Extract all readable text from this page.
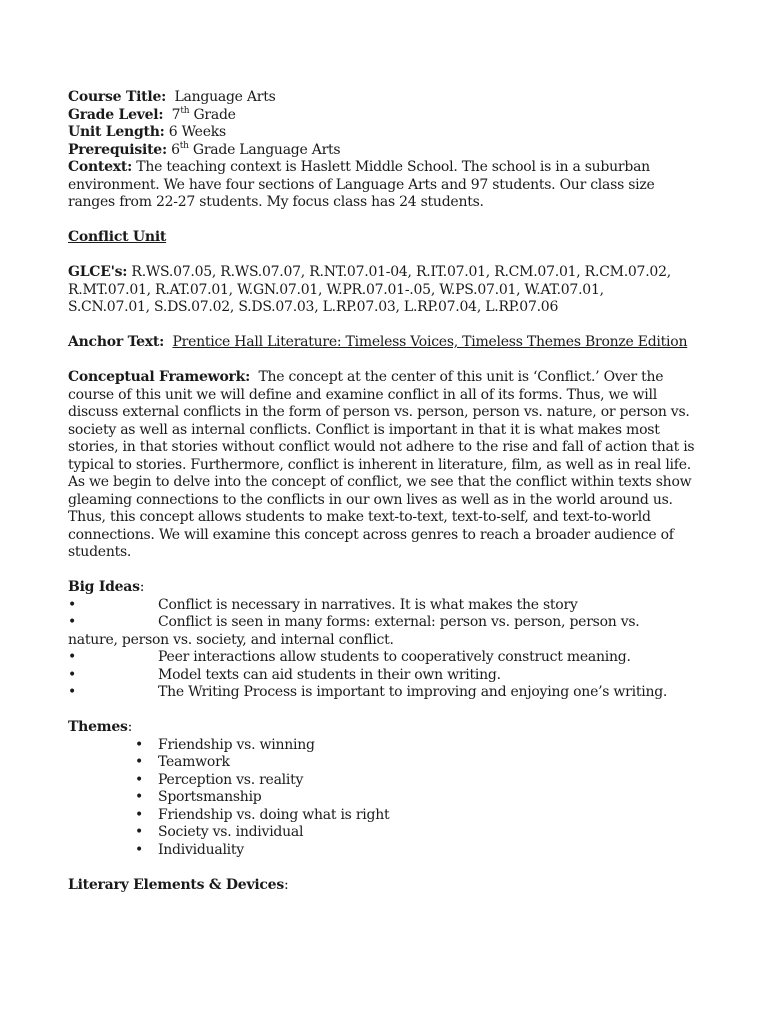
Course Title: Language Arts
Grade Level: 7th Grade
Unit Length: 6 Weeks
Prerequisite: 6th Grade Language Arts
Context: The teaching context is Haslett Middle School. The school is in a suburban
environment. We have four sections of Language Arts and 97 students. Our class size
ranges from 22-27 students. My focus class has 24 students.
Conflict Unit
GLCE's: R.WS.07.05, R.WS.07.07, R.NT.07.01-04, R.IT.07.01, R.CM.07.01, R.CM.07.02,
R.MT.07.01, R.AT.07.01, W.GN.07.01, W.PR.07.01-.05, W.PS.07.01, W.AT.07.01,
S.CN.07.01, S.DS.07.02, S.DS.07.03, L.RP.07.03, L.RP.07.04, L.RP.07.06
Anchor Text: Prentice Hall Literature: Timeless Voices, Timeless Themes Bronze Edition
Conceptual Framework: The concept at the center of this unit is ‘Conflict.’ Over the
course of this unit we will define and examine conflict in all of its forms. Thus, we will
discuss external conflicts in the form of person vs. person, person vs. nature, or person vs.
society as well as internal conflicts. Conflict is important in that it is what makes most
stories, in that stories without conflict would not adhere to the rise and fall of action that is
typical to stories. Furthermore, conflict is inherent in literature, film, as well as in real life.
As we begin to delve into the concept of conflict, we see that the conflict within texts show
gleaming connections to the conflicts in our own lives as well as in the world around us.
Thus, this concept allows students to make text-to-text, text-to-self, and text-to-world
connections. We will examine this concept across genres to reach a broader audience of
students.
Big Ideas:
•	Conflict is necessary in narratives. It is what makes the story
•	Conflict is seen in many forms: external: person vs. person, person vs.
nature, person vs. society, and internal conflict.
•	Peer interactions allow students to cooperatively construct meaning.
•	Model texts can aid students in their own writing.
•	The Writing Process is important to improving and enjoying one’s writing.
Themes:
•	Friendship vs. winning
•	Teamwork
•	Perception vs. reality
•	Sportsmanship
•	Friendship vs. doing what is right
•	Society vs. individual
•	Individuality
Literary Elements & Devices:
